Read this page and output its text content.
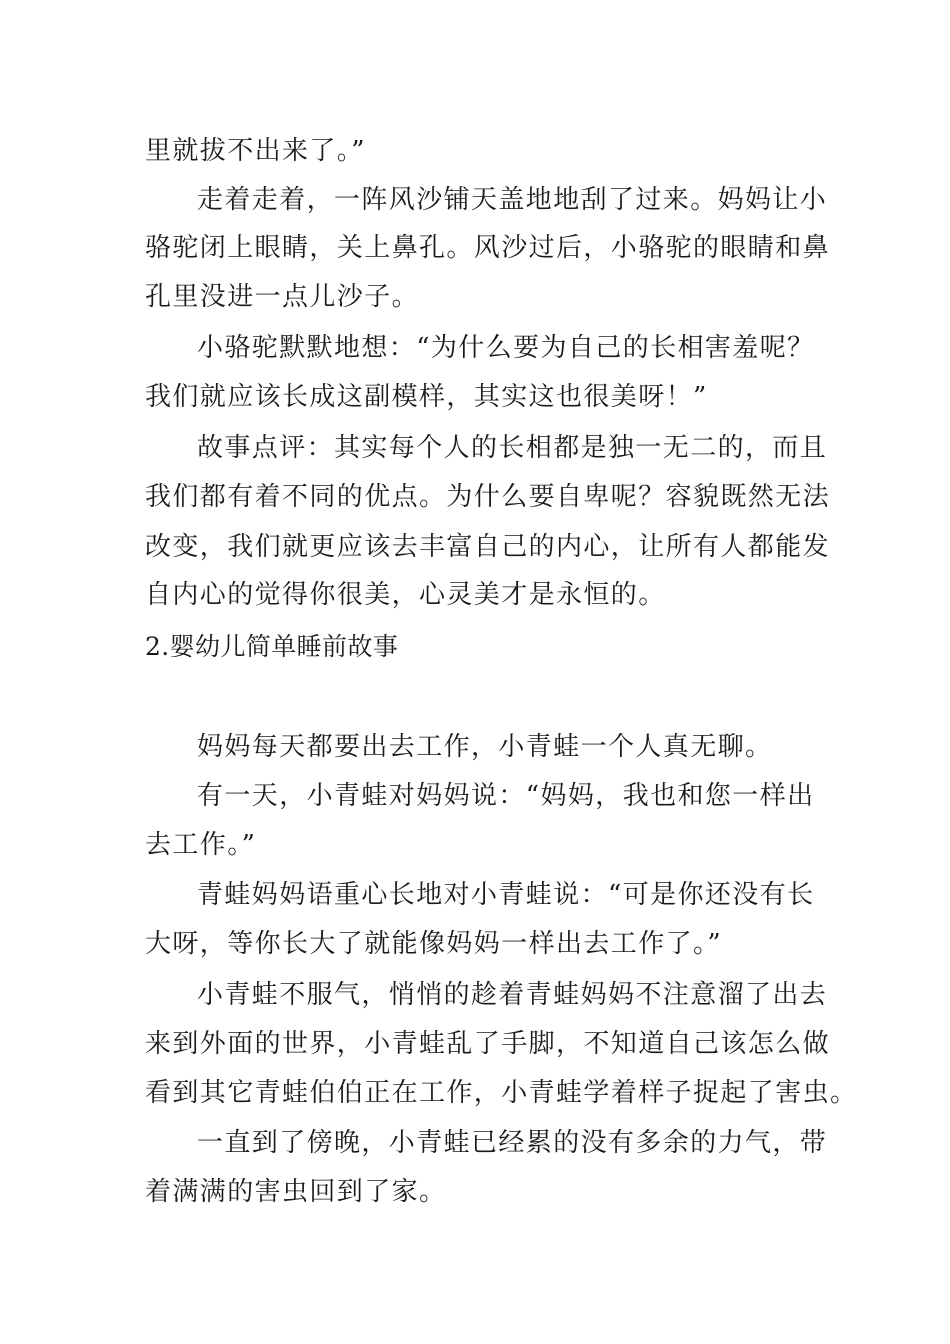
里就拔不出来了。”
走着走着，一阵风沙铺天盖地地刮了过来。妈妈让小
骆驼闭上眼睛，关上鼻孔。风沙过后，小骆驼的眼睛和鼻
孔里没进一点儿沙子。
小骆驼默默地想：“为什么要为自己的长相害羞呢？
我们就应该长成这副模样，其实这也很美呀！”
故事点评：其实每个人的长相都是独一无二的，而且
我们都有着不同的优点。为什么要自卑呢？容貌既然无法
改变，我们就更应该去丰富自己的内心，让所有人都能发
自内心的觉得你很美，心灵美才是永恒的。
2.婴幼儿简单睡前故事
妈妈每天都要出去工作，小青蛙一个人真无聊。
有一天，小青蛙对妈妈说：“妈妈，我也和您一样出
去工作。”
青蛙妈妈语重心长地对小青蛙说：“可是你还没有长
大呀，等你长大了就能像妈妈一样出去工作了。”
小青蛙不服气，悄悄的趁着青蛙妈妈不注意溜了出去
来到外面的世界，小青蛙乱了手脚，不知道自己该怎么做
看到其它青蛙伯伯正在工作，小青蛙学着样子捉起了害虫。
一直到了傍晚，小青蛙已经累的没有多余的力气，带
着满满的害虫回到了家。
